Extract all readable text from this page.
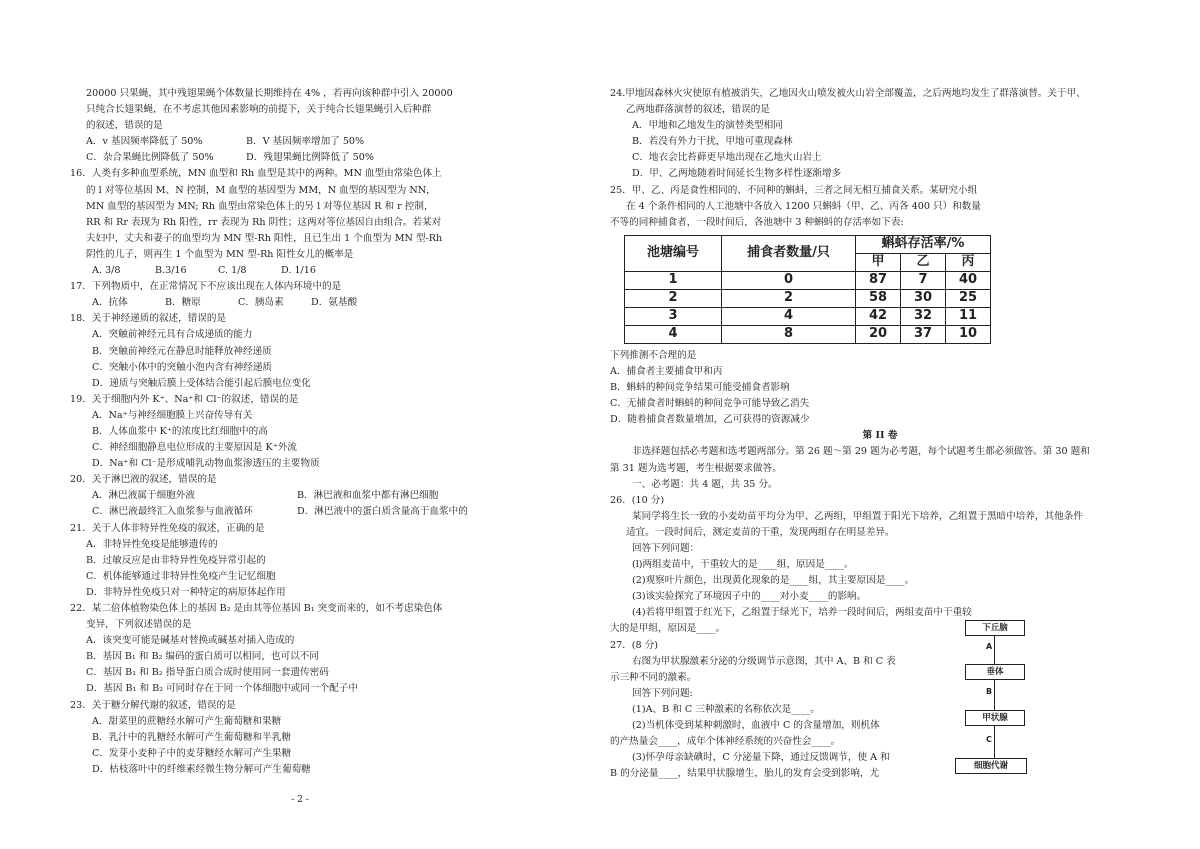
20000 只果蝇，其中残翅果蝇个体数量长期维持在 4% ，若再向该种群中引入 20000
只纯合长翅果蝇，在不考虑其他因素影响的前提下，关于纯合长翅果蝇引入后种群
的叙述，错误的是
A．v 基因频率降低了 50%	B．V 基因频率增加了 50%
C．杂合果蝇比例降低了 50%	D．残翅果蝇比例降低了 50%
16．人类有多种血型系统，MN 血型和 Rh 血型是其中的两种。MN 血型由常染色体上
的 l 对等位基因 M、N 控制，M 血型的基因型为 MM，N 血型的基因型为 NN，
MN 血型的基因型为 MN; Rh 血型由常染色体上的另 l 对等位基因 R 和 r 控制，
RR 和 Rr 表现为 Rh 阳性，rr 表现为 Rh 阴性；这两对等位基因自由组合。若某对
夫妇中，丈夫和妻子的血型均为 MN 型-Rh 阳性，且已生出 1 个血型为 MN 型-Rh
阴性的儿子，则再生 1 个血型为 MN 型-Rh 阳性女儿的概率是
A. 3/8	B.3/16	C. 1/8	D. 1/16
17．下列物质中，在正常情况下不应该出现在人体内环境中的是
A．抗体	B．糖原	C．胰岛素	D．氨基酸
18．关于神经递质的叙述，错误的是
A．突触前神经元具有合成递质的能力
B．突触前神经元在静息时能释放神经递质
C．突触小体中的突触小泡内含有神经递质
D．递质与突触后膜上受体结合能引起后膜电位变化
19．关于细胞内外 K⁺、Na⁺和 Cl⁻的叙述，错误的是
A．Na⁺与神经细胞膜上兴奋传导有关
B．人体血浆中 K⁺的浓度比红细胞中的高
C．神经细胞静息电位形成的主要原因是 K⁺外流
D．Na⁺和 Cl⁻是形成哺乳动物血浆渗透压的主要物质
20．关于淋巴液的叙述，错误的是
A．淋巴液属于细胞外液	B．淋巴液和血浆中都有淋巴细胞
C．淋巴液最终汇入血浆参与血液循环	D．淋巴液中的蛋白质含量高于血浆中的
21．关于人体非特异性免疫的叙述，正确的是
A．非特异性免疫是能够遗传的
B．过敏反应是由非特异性免疫异常引起的
C．机体能够通过非特异性免疫产生记忆细胞
D．非特异性免疫只对一种特定的病原体起作用
22．某二倍体植物染色体上的基因 B₂ 是由其等位基因 B₁ 突变而来的，如不考虑染色体
变异，下列叙述错误的是
A．该突变可能是碱基对替换或碱基对插入造成的
B．基因 B₁ 和 B₂ 编码的蛋白质可以相同，也可以不同
C．基因 B₁ 和 B₂ 指导蛋白质合成时使用同一套遗传密码
D．基因 B₁ 和 B₂ 可同时存在于同一个体细胞中或同一个配子中
23．关于糖分解代谢的叙述，错误的是
A．甜菜里的蔗糖经水解可产生葡萄糖和果糖
B．乳汁中的乳糖经水解可产生葡萄糖和半乳糖
C．发芽小麦种子中的麦芽糖经水解可产生果糖
D．枯枝落叶中的纤维素经微生物分解可产生葡萄糖
24.甲地因森林火灾使原有植被消失，乙地因火山喷发被火山岩全部覆盖，之后两地均发生了群落演替。关于甲、
乙两地群落演替的叙述，错误的是
A．甲地和乙地发生的演替类型相同
B．若没有外力干扰，甲地可重现森林
C．地衣会比苔藓更早地出现在乙地火山岩上
D．甲、乙两地随着时间延长生物多样性逐渐增多
25．甲、乙、丙是食性相同的、不同种的蝌蚪，三者之间无相互捕食关系。某研究小组
在 4 个条件相同的人工池塘中各放入 1200 只蝌蚪（甲、乙、丙各 400 只）和数量
不等的同种捕食者，一段时间后，各池塘中 3 种蝌蚪的存活率如下表:
池塘编号	捕食者数量/只	蝌蚪存活率/%		
		甲	乙	丙
1	0	87	7	40
2	2	58	30	25
3	4	42	32	11
4	8	20	37	10
下列推测不合理的是
A．捕食者主要捕食甲和丙
B．蝌蚪的种间竞争结果可能受捕食者影响
C．无捕食者时蝌蚪的种间竞争可能导致乙消失
D．随着捕食者数量增加，乙可获得的资源减少
第 II 卷
非选择题包括必考题和选考题两部分。第 26 题～第 29 题为必考题，每个试题考生都必须做答。第 30 题和
第 31 题为选考题，考生根据要求做答。
一、必考题：共 4 题，共 35 分。
26．(10 分)
某同学将生长一致的小麦幼苗平均分为甲、乙两组，甲组置于阳光下培养，乙组置于黑暗中培养，其他条件
适宜。一段时间后，测定麦苗的干重，发现两组存在明显差异。
回答下列问题：
(l)两组麦苗中，干重较大的是____组，原因是____。
(2)观察叶片颜色，出现黄化现象的是____组，其主要原因是____。
(3)该实验探究了环境因子中的____对小麦____的影响。
(4)若将甲组置于红光下，乙组置于绿光下，培养一段时间后，两组麦苗中干重较
大的是甲组，原因是____。
27．(8 分)
右图为甲状腺激素分泌的分级调节示意图，其中 A、B 和 C 表
示三种不同的激素。
回答下列问题:
(1)A、B 和 C 三种激素的名称依次是____。
(2)当机体受到某种刺激时，血液中 C 的含量增加，则机体
的产热量会____，成年个体神经系统的兴奋性会____。
(3)怀孕母亲缺碘时，C 分泌量下降，通过反馈调节，使 A 和
B 的分泌量____，结果甲状腺增生，胎儿的发育会受到影响，尤
下丘脑
A
垂体
B
甲状腺
C
细胞代谢
- 2 -
